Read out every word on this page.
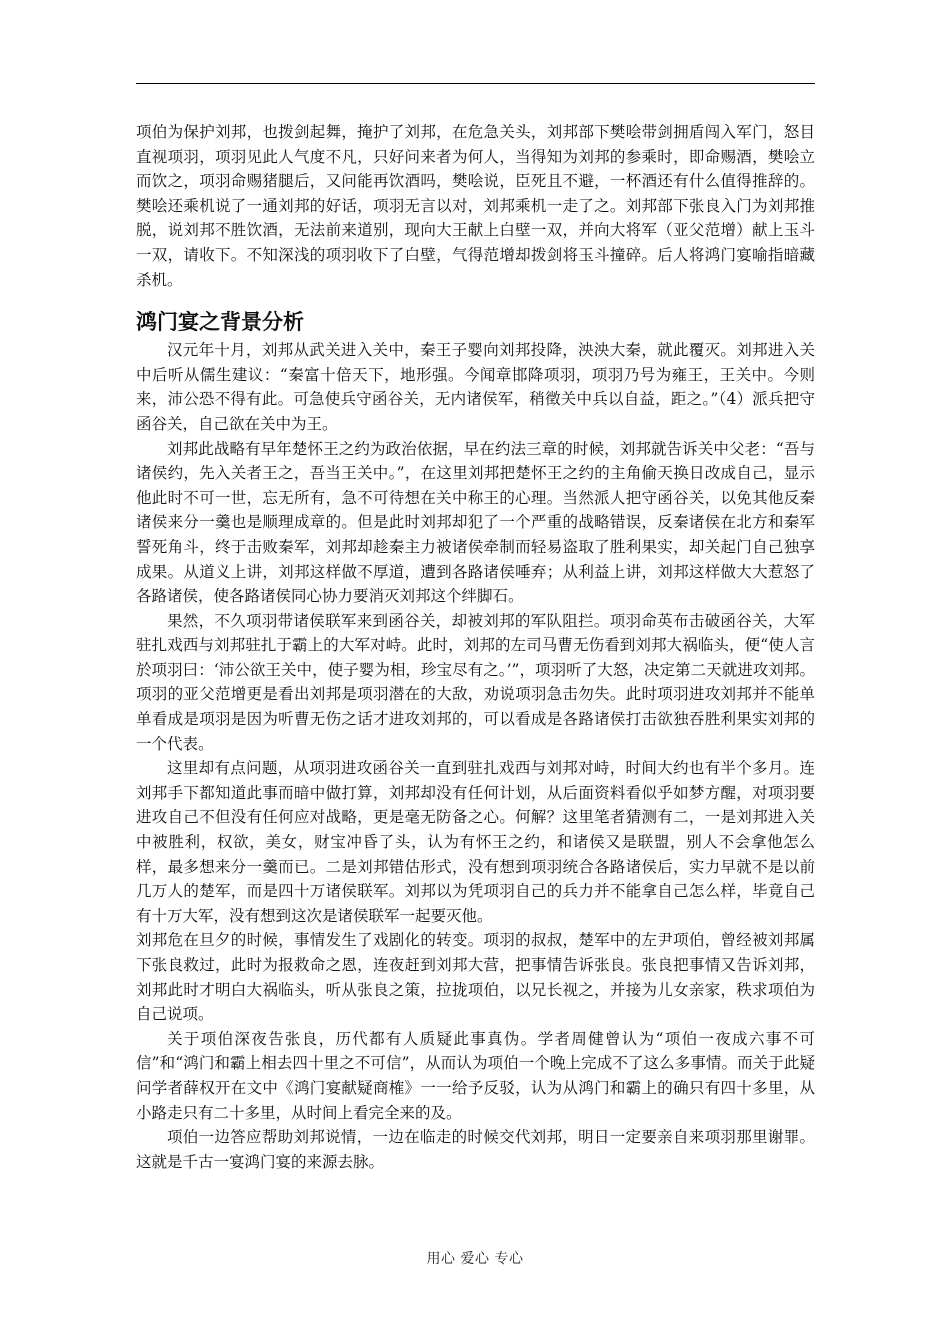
项伯为保护刘邦，也拨剑起舞，掩护了刘邦，在危急关头，刘邦部下樊哙带剑拥盾闯入军门，怒目直视项羽，项羽见此人气度不凡，只好问来者为何人，当得知为刘邦的参乘时，即命赐酒，樊哙立而饮之，项羽命赐猪腿后，又问能再饮酒吗，樊哙说，臣死且不避，一杯酒还有什么值得推辞的。樊哙还乘机说了一通刘邦的好话，项羽无言以对，刘邦乘机一走了之。刘邦部下张良入门为刘邦推脱，说刘邦不胜饮酒，无法前来道别，现向大王献上白壁一双，并向大将军（亚父范增）献上玉斗一双，请收下。不知深浅的项羽收下了白壁，气得范增却拨剑将玉斗撞碎。后人将鸿门宴喻指暗藏杀机。

鸿门宴之背景分析

汉元年十月，刘邦从武关进入关中，秦王子婴向刘邦投降，泱泱大秦，就此覆灭。刘邦进入关中后听从儒生建议：“秦富十倍天下，地形强。今闻章邯降项羽，项羽乃号为雍王，王关中。今则来，沛公恐不得有此。可急使兵守函谷关，无内诸侯军，稍徵关中兵以自益，距之。”（4）派兵把守函谷关，自己欲在关中为王。

刘邦此战略有早年楚怀王之约为政治依据，早在约法三章的时候，刘邦就告诉关中父老：“吾与诸侯约，先入关者王之，吾当王关中。”，在这里刘邦把楚怀王之约的主角偷天换日改成自己，显示他此时不可一世，忘无所有，急不可待想在关中称王的心理。当然派人把守函谷关，以免其他反秦诸侯来分一羹也是顺理成章的。但是此时刘邦却犯了一个严重的战略错误，反秦诸侯在北方和秦军誓死角斗，终于击败秦军，刘邦却趁秦主力被诸侯牵制而轻易盗取了胜利果实，却关起门自己独享成果。从道义上讲，刘邦这样做不厚道，遭到各路诸侯唾弃；从利益上讲，刘邦这样做大大惹怒了各路诸侯，使各路诸侯同心协力要消灭刘邦这个绊脚石。

果然，不久项羽带诸侯联军来到函谷关，却被刘邦的军队阻拦。项羽命英布击破函谷关，大军驻扎戏西与刘邦驻扎于霸上的大军对峙。此时，刘邦的左司马曹无伤看到刘邦大祸临头，便“使人言於项羽曰：‘沛公欲王关中，使子婴为相，珍宝尽有之。’”，项羽听了大怒，决定第二天就进攻刘邦。项羽的亚父范增更是看出刘邦是项羽潜在的大敌，劝说项羽急击勿失。此时项羽进攻刘邦并不能单单看成是项羽是因为听曹无伤之话才进攻刘邦的，可以看成是各路诸侯打击欲独吞胜利果实刘邦的一个代表。

这里却有点问题，从项羽进攻函谷关一直到驻扎戏西与刘邦对峙，时间大约也有半个多月。连刘邦手下都知道此事而暗中做打算，刘邦却没有任何计划，从后面资料看似乎如梦方醒，对项羽要进攻自己不但没有任何应对战略，更是毫无防备之心。何解？这里笔者猜测有二，一是刘邦进入关中被胜利，权欲，美女，财宝冲昏了头，认为有怀王之约，和诸侯又是联盟，别人不会拿他怎么样，最多想来分一羹而已。二是刘邦错估形式，没有想到项羽统合各路诸侯后，实力早就不是以前几万人的楚军，而是四十万诸侯联军。刘邦以为凭项羽自己的兵力并不能拿自己怎么样，毕竟自己有十万大军，没有想到这次是诸侯联军一起要灭他。

刘邦危在旦夕的时候，事情发生了戏剧化的转变。项羽的叔叔，楚军中的左尹项伯，曾经被刘邦属下张良救过，此时为报救命之恩，连夜赶到刘邦大营，把事情告诉张良。张良把事情又告诉刘邦，刘邦此时才明白大祸临头，听从张良之策，拉拢项伯，以兄长视之，并接为儿女亲家，秩求项伯为自己说项。

关于项伯深夜告张良，历代都有人质疑此事真伪。学者周健曾认为“项伯一夜成六事不可信”和“鸿门和霸上相去四十里之不可信”，从而认为项伯一个晚上完成不了这么多事情。而关于此疑问学者薛权开在文中《鸿门宴献疑商榷》一一给予反驳，认为从鸿门和霸上的确只有四十多里，从小路走只有二十多里，从时间上看完全来的及。

项伯一边答应帮助刘邦说情，一边在临走的时候交代刘邦，明日一定要亲自来项羽那里谢罪。这就是千古一宴鸿门宴的来源去脉。

用心 爱心 专心
